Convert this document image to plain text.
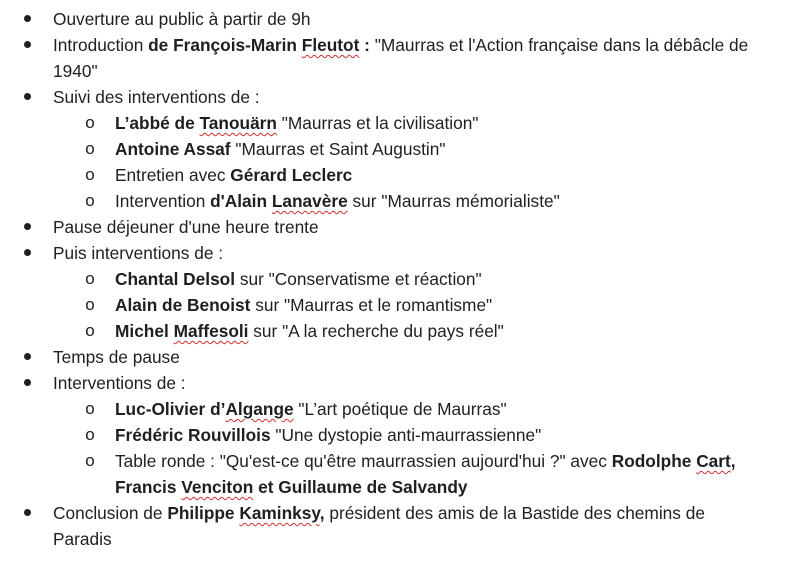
Ouverture au public à partir de 9h
Introduction de François-Marin Fleutot : "Maurras et l'Action française dans la débâcle de 1940"
Suivi des interventions de :
o L’abbé de Tanouärn "Maurras et la civilisation"
o Antoine Assaf "Maurras et Saint Augustin"
o Entretien avec Gérard Leclerc
o Intervention d'Alain Lanavère sur "Maurras mémorialiste"
Pause déjeuner d'une heure trente
Puis interventions de :
o Chantal Delsol sur "Conservatisme et réaction"
o Alain de Benoist sur "Maurras et le romantisme"
o Michel Maffesoli sur "A la recherche du pays réel"
Temps de pause
Interventions de :
o Luc-Olivier d’Algange "L’art poétique de Maurras"
o Frédéric Rouvillois "Une dystopie anti-maurrassienne"
o Table ronde : "Qu'est-ce qu'être maurrassien aujourd'hui ?" avec Rodolphe Cart, Francis Venciton et Guillaume de Salvandy
Conclusion de Philippe Kaminksy, président des amis de la Bastide des chemins de Paradis
